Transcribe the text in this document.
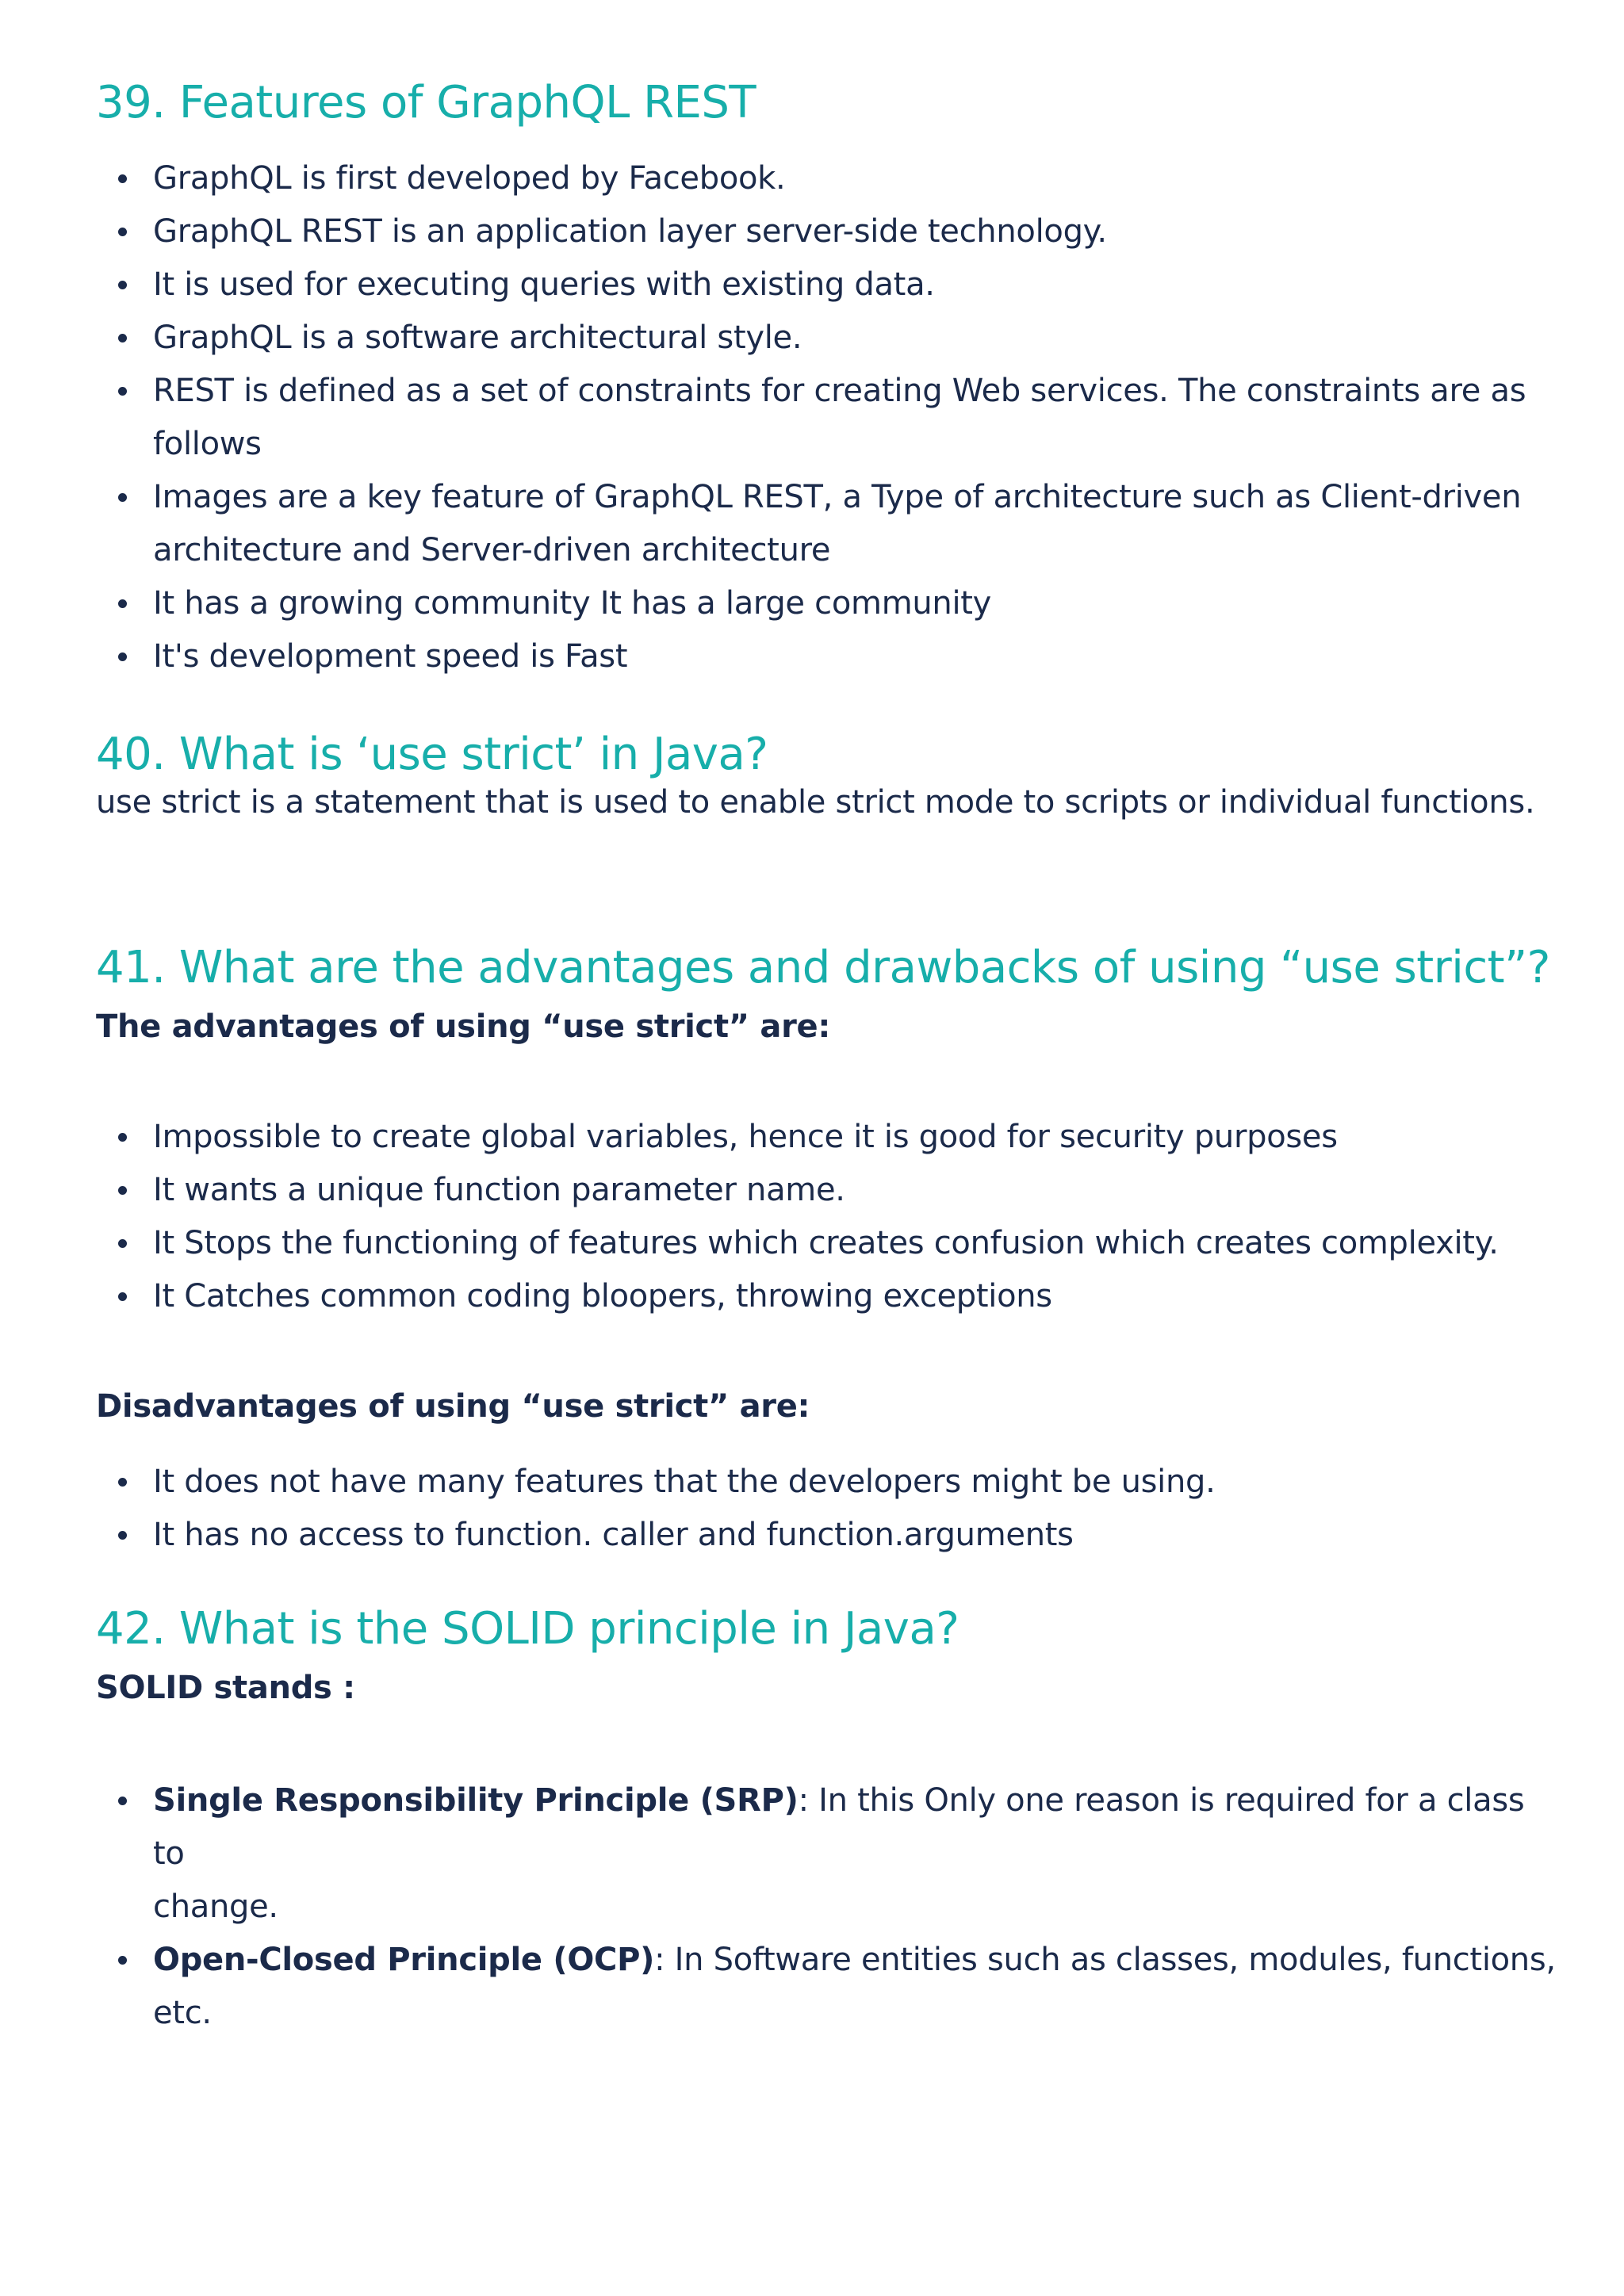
39. Features of GraphQL REST
GraphQL is first developed by Facebook.
GraphQL REST is an application layer server-side technology.
It is used for executing queries with existing data.
GraphQL is a software architectural style.
REST is defined as a set of constraints for creating Web services. The constraints are as
follows
Images are a key feature of GraphQL REST, a Type of architecture such as Client-driven
architecture and Server-driven architecture
It has a growing community It has a large community
It's development speed is Fast
40. What is ‘use strict’ in Java?

use strict is a statement that is used to enable strict mode to scripts or individual functions.

41. What are the advantages and drawbacks of using “use strict”?

The advantages of using “use strict” are:

Impossible to create global variables, hence it is good for security purposes
It wants a unique function parameter name.
It Stops the functioning of features which creates confusion which creates complexity.
It Catches common coding bloopers, throwing exceptions

Disadvantages of using “use strict” are:

It does not have many features that the developers might be using.
It has no access to function. caller and function.arguments
42. What is the SOLID principle in Java?

SOLID stands :

Single Responsibility Principle (SRP): In this Only one reason is required for a class to
change.
Open-Closed Principle (OCP): In Software entities such as classes, modules, functions,
etc.
